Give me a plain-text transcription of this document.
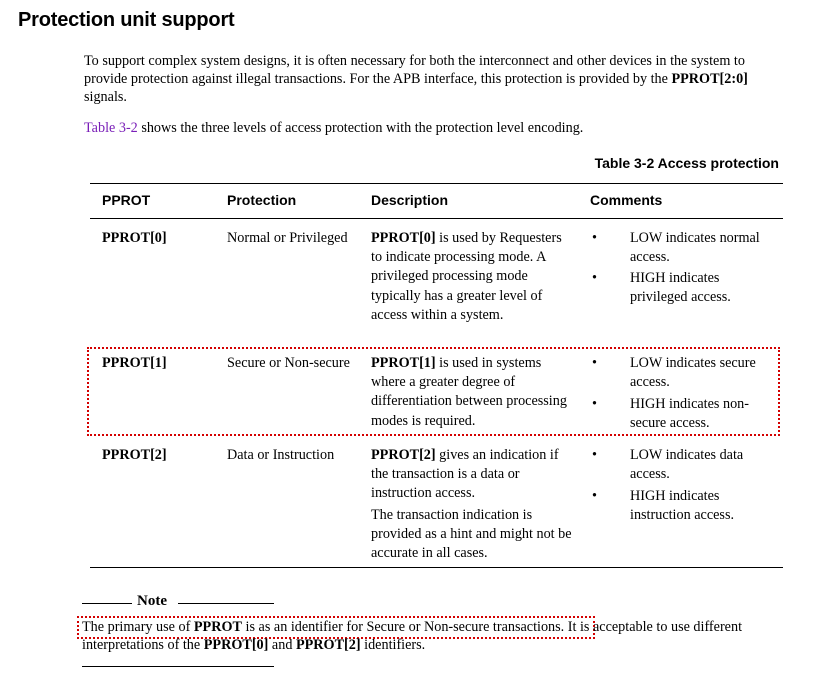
Protection unit support
To support complex system designs, it is often necessary for both the interconnect and other devices in the system to provide protection against illegal transactions. For the APB interface, this protection is provided by the PPROT[2:0] signals.
Table 3-2 shows the three levels of access protection with the protection level encoding.
Table 3-2 Access protection
PPROT	Protection	Description	Comments
PPROT[0]	Normal or Privileged	PPROT[0] is used by Requesters to indicate processing mode. A privileged processing mode typically has a greater level of access within a system.
• LOW indicates normal access.
• HIGH indicates privileged access.
PPROT[1]	Secure or Non-secure	PPROT[1] is used in systems where a greater degree of differentiation between processing modes is required.
• LOW indicates secure access.
• HIGH indicates non-secure access.
PPROT[2]	Data or Instruction	PPROT[2] gives an indication if the transaction is a data or instruction access.
The transaction indication is provided as a hint and might not be accurate in all cases.
• LOW indicates data access.
• HIGH indicates instruction access.
Note
The primary use of PPROT is as an identifier for Secure or Non-secure transactions. It is acceptable to use different interpretations of the PPROT[0] and PPROT[2] identifiers.
